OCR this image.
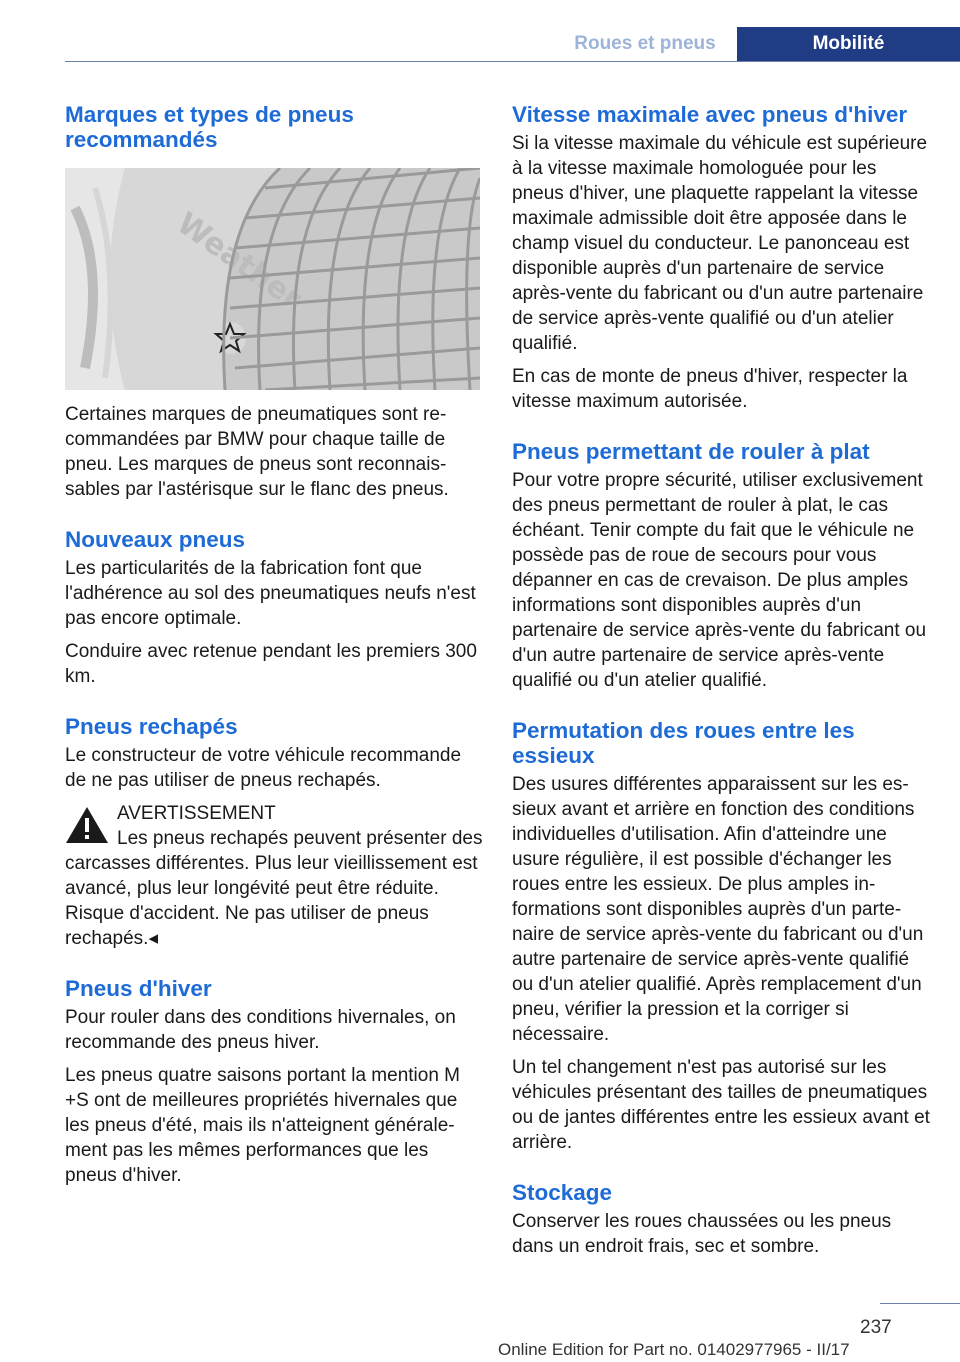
Roues et pneus	Mobilité
Marques et types de pneus recommandés
Weather
Certaines marques de pneumatiques sont recommandées par BMW pour chaque taille de pneu. Les marques de pneus sont reconnaissables par l'astérisque sur le flanc des pneus.
Nouveaux pneus
Les particularités de la fabrication font que l'adhérence au sol des pneumatiques neufs n'est pas encore optimale.
Conduire avec retenue pendant les premiers 300 km.
Pneus rechapés
Le constructeur de votre véhicule recommande de ne pas utiliser de pneus rechapés.
AVERTISSEMENT

Les pneus rechapés peuvent présenter des carcasses différentes. Plus leur vieillissement est avancé, plus leur longévité peut être réduite. Risque d'accident. Ne pas utiliser de pneus rechapés.◂

Pneus d'hiver
Pour rouler dans des conditions hivernales, on recommande des pneus hiver.
Les pneus quatre saisons portant la mention M +S ont de meilleures propriétés hivernales que les pneus d'été, mais ils n'atteignent généralement pas les mêmes performances que les pneus d'hiver.
Vitesse maximale avec pneus d'hiver
Si la vitesse maximale du véhicule est supérieure à la vitesse maximale homologuée pour les pneus d'hiver, une plaquette rappelant la vitesse maximale admissible doit être apposée dans le champ visuel du conducteur. Le panonceau est disponible auprès d'un partenaire de service après-vente du fabricant ou d'un autre partenaire de service après-vente qualifié ou d'un atelier qualifié.
En cas de monte de pneus d'hiver, respecter la vitesse maximum autorisée.
Pneus permettant de rouler à plat
Pour votre propre sécurité, utiliser exclusivement des pneus permettant de rouler à plat, le cas échéant. Tenir compte du fait que le véhicule ne possède pas de roue de secours pour vous dépanner en cas de crevaison. De plus amples informations sont disponibles auprès d'un partenaire de service après-vente du fabricant ou d'un autre partenaire de service après-vente qualifié ou d'un atelier qualifié.
Permutation des roues entre les essieux
Des usures différentes apparaissent sur les essieux avant et arrière en fonction des conditions individuelles d'utilisation. Afin d'atteindre une usure régulière, il est possible d'échanger les roues entre les essieux. De plus amples informations sont disponibles auprès d'un partenaire de service après-vente du fabricant ou d'un autre partenaire de service après-vente qualifié ou d'un atelier qualifié. Après remplacement d'un pneu, vérifier la pression et la corriger si nécessaire.
Un tel changement n'est pas autorisé sur les véhicules présentant des tailles de pneumatiques ou de jantes différentes entre les essieux avant et arrière.
Stockage
Conserver les roues chaussées ou les pneus dans un endroit frais, sec et sombre.
237
Online Edition for Part no. 01402977965 - II/17
